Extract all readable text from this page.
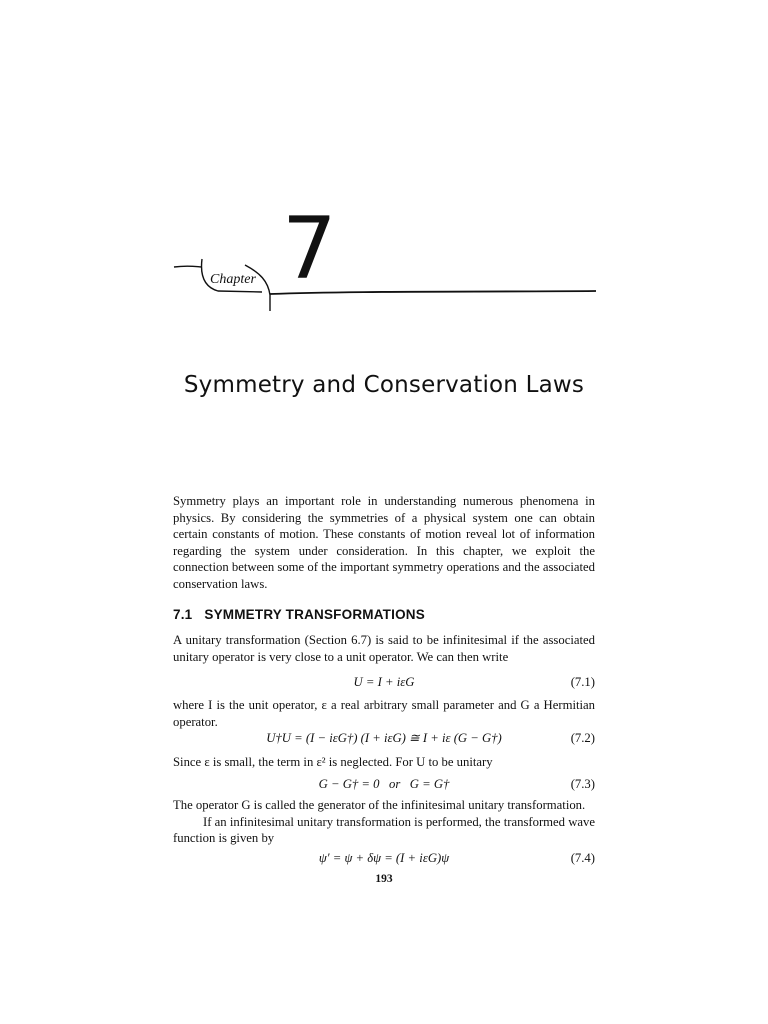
Chapter 7
Symmetry and Conservation Laws

Symmetry plays an important role in understanding numerous phenomena in physics. By considering the symmetries of a physical system one can obtain certain constants of motion. These constants of motion reveal lot of information regarding the system under consideration. In this chapter, we exploit the connection between some of the important symmetry operations and the associated conservation laws.

7.1 SYMMETRY TRANSFORMATIONS

A unitary transformation (Section 6.7) is said to be infinitesimal if the associated unitary operator is very close to a unit operator. We can then write

U = I + iεG	(7.1)

where I is the unit operator, ε a real arbitrary small parameter and G a Hermitian operator.

U†U = (I − iεG†) (I + iεG) ≅ I + iε (G − G†)	(7.2)

Since ε is small, the term in ε² is neglected. For U to be unitary

G − G† = 0   or   G = G†	(7.3)

The operator G is called the generator of the infinitesimal unitary transformation.

If an infinitesimal unitary transformation is performed, the transformed wave function is given by

ψ′ = ψ + δψ = (I + iεG)ψ	(7.4)
193
